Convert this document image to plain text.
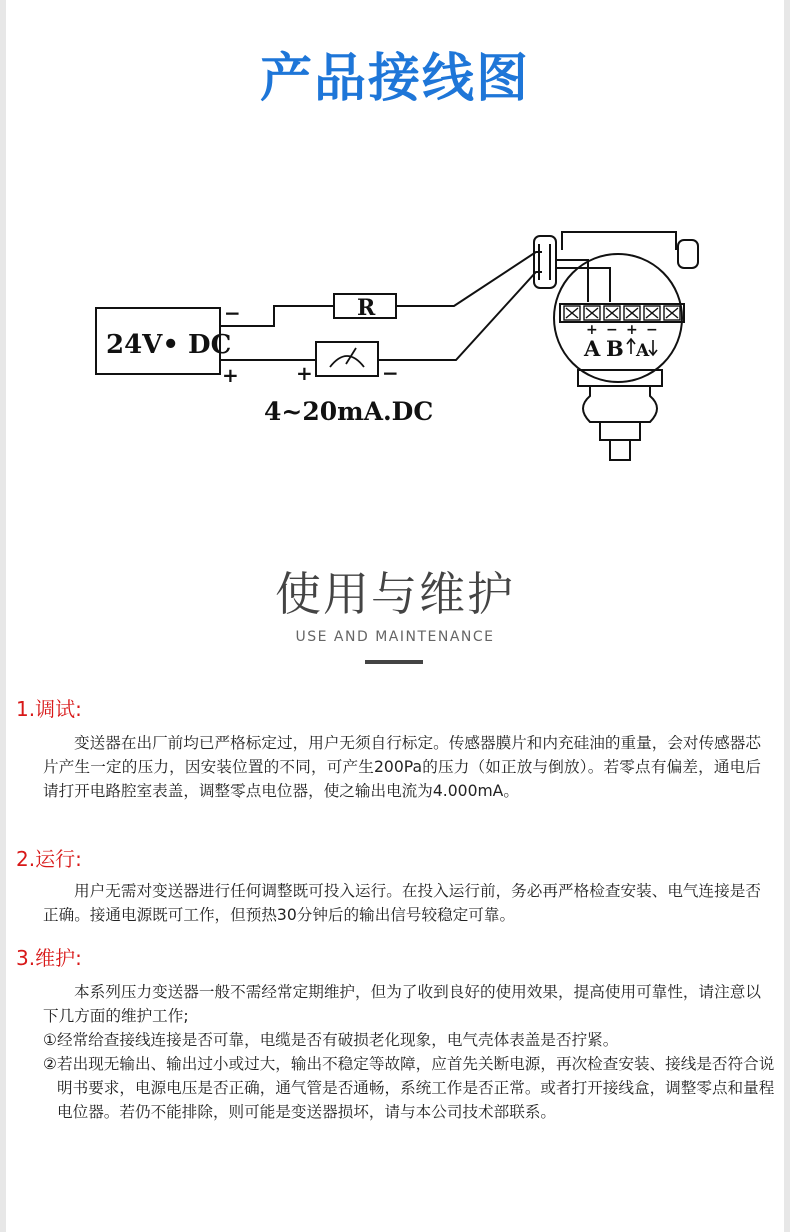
产品接线图
24V• DC
−
+
R
+	−
4~20mA.DC
+ − + −
A B A
使用与维护
USE AND MAINTENANCE
1.调试:
变送器在出厂前均已严格标定过，用户无须自行标定。传感器膜片和内充硅油的重量，会对传感器芯片产生一定的压力，因安装位置的不同，可产生200Pa的压力（如正放与倒放）。若零点有偏差，通电后请打开电路腔室表盖，调整零点电位器，使之输出电流为4.000mA。
2.运行:
用户无需对变送器进行任何调整既可投入运行。在投入运行前，务必再严格检查安装、电气连接是否正确。接通电源既可工作，但预热30分钟后的输出信号较稳定可靠。
3.维护:
本系列压力变送器一般不需经常定期维护，但为了收到良好的使用效果，提高使用可靠性，请注意以下几方面的维护工作;
①经常给查接线连接是否可靠，电缆是否有破损老化现象，电气壳体表盖是否拧紧。
②若出现无输出、输出过小或过大，输出不稳定等故障，应首先关断电源，再次检查安装、接线是否符合说明书要求，电源电压是否正确，通气管是否通畅，系统工作是否正常。或者打开接线盒，调整零点和量程电位器。若仍不能排除，则可能是变送器损坏，请与本公司技术部联系。
